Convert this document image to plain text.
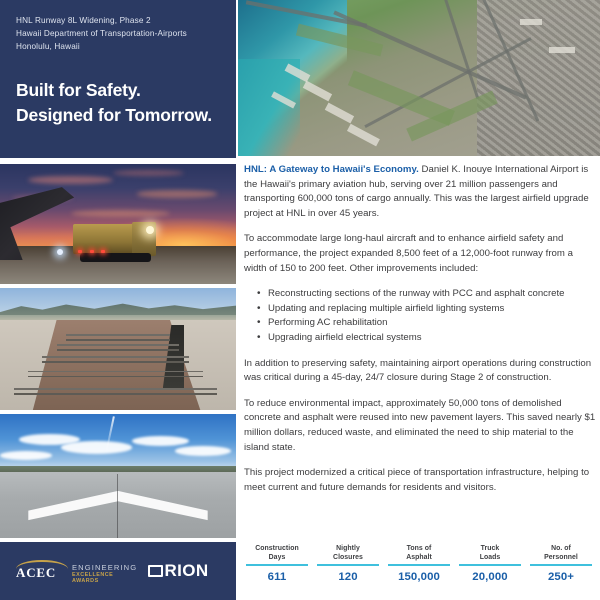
HNL Runway 8L Widening, Phase 2
Hawaii Department of Transportation-Airports
Honolulu, Hawaii
Built for Safety.
Designed for Tomorrow.
ACEC ENGINEERING
EXCELLENCE AWARDS
RION

HNL: A Gateway to Hawaii's Economy. Daniel K. Inouye International Airport is the Hawaii's primary aviation hub, serving over 21 million passengers and transporting 600,000 tons of cargo annually. This was the largest airfield upgrade project at HNL in over 45 years.

To accommodate large long-haul aircraft and to enhance airfield safety and performance, the project expanded 8,500 feet of a 12,000-foot runway from a width of 150 to 200 feet. Other improvements included:

• Reconstructing sections of the runway with PCC and asphalt concrete
• Updating and replacing multiple airfield lighting systems
• Performing AC rehabilitation
• Upgrading airfield electrical systems

In addition to preserving safety, maintaining airport operations during construction was critical during a 45-day, 24/7 closure during Stage 2 of construction.

To reduce environmental impact, approximately 50,000 tons of demolished concrete and asphalt were reused into new pavement layers. This saved nearly $1 million dollars, reduced waste, and eliminated the need to ship material to the island state.

This project modernized a critical piece of transportation infrastructure, helping to meet current and future demands for residents and visitors.

Construction
Days
611
Nightly
Closures
120
Tons of
Asphalt
150,000
Truck
Loads
20,000
No. of
Personnel
250+
